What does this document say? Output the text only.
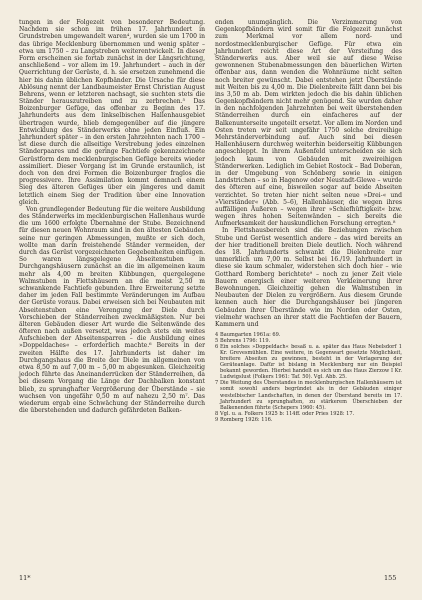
tungen in der Folgezeit von besonderer Bedeutung. Nachdem sie schon im frühen 17. Jahrhundert in Grundstreben umgewandelt waren⁴, wurden sie um 1700 in das übrige Mecklenburg übernommen und wenig später – etwa um 1750 – zu Langstreben weiterentwickelt. In dieser Form erscheinen sie fortab zunächst in der Längsrichtung, anschließend – vor allem im 19. Jahrhundert – auch in der Querrichtung der Gerüste, d. h. sie ersetzen zunehmend die hier bis dahin üblichen Kopfbänder. Die Ursache für diese Ablösung nennt der Landbaumeister Ernst Christian August Behrens, wenn er letzteren nachsagt, sie suchten stets die Ständer herauszutreiben und zu zerbrechen.⁵ Das Boizenburger Gefüge, das offenbar zu Beginn des 17. Jahrhunderts aus dem linkselbischen Hallenhausgebiet übertragen wurde, blieb demgegenüber auf die jüngere Entwicklung des Ständerwerks ohne jeden Einfluß. Ein Jahrhundert später – in den ersten Jahrzehnten nach 1700 – ist diese durch die allseitige Verstrebung jedes einzelnen Ständerpaares und die geringe Fachtiefe gekennzeichnete Gerüstform dem mecklenburgischen Gefüge bereits wieder assimiliert. Dieser Vorgang ist im Grunde erstaunlich, ist doch von den drei Formen die Boizenburger fraglos die progressivere. Ihre Assimilation kommt demnach einem Sieg des älteren Gefüges über ein jüngeres und damit letztlich einem Sieg der Tradition über eine Innovation gleich.

Von grundlegender Bedeutung für die weitere Ausbildung des Ständerwerks im mecklenburgischen Hallenhaus wurde die um 1600 erfolgte Übernahme der Stube. Bezeichnend für diesen neuen Wohnraum sind in den ältesten Gebäuden seine nur geringen Abmessungen, mußte er sich doch, wollte man darin freistehende Ständer vermeiden, der durch das Gerüst vorgezeichneten Gegebenheiten einfügen. So waren längsgelegene Abseitenstuben in Durchgangshäusern zunächst an die im allgemeinen kaum mehr als 4,00 m breiten Kübbungen, quergelegene Walmstuben in Flettshäusern an die meist 2,50 m schwankende Fachtiefe gebunden. Ihre Erweiterung setzte daher im jeden Fall bestimmte Veränderungen im Aufbau der Gerüste voraus. Dabei erweisen sich bei Neubauten mit Abseitenstuben eine Verengung der Diele durch Vorschieben der Ständerreihen zweckmäßigsten. Nur bei älteren Gebäuden dieser Art wurde die Seitenwände des öfteren nach außen versetzt, was jedoch stets ein weites Aufschieben der Abseitensparren – die Ausbildung eines »Doppeldaches« – erforderlich machte.⁶ Bereits in der zweiten Hälfte des 17. Jahrhunderts ist daher im Durchgangshaus die Breite der Diele im allgemeinen von etwa 8,50 m auf 7,00 m – 5,00 m abgesunken. Gleichzeitig jedoch führte das Aneinanderrücken der Ständerreihen, da bei diesem Vorgang die Länge der Dachbalken konstant blieb, zu sprunghafter Vergrößerung der Überstände – sie wuchsen von ungefähr 0,50 m auf nahezu 2,50 m⁷. Das wiederum ergab eine Schwächung der Ständerreihe durch die überstehenden und dadurch gefährdeten Balken-

enden unumgänglich. Die Verzimmerung von Gegenkopfbändern wird somit für die Folgezeit zunächst zum Merkmal vor allem nord- und nordostmecklenburgischer Gefüge. Für etwa ein Jahrhundert reicht diese Art der Versteifung des Ständerwerks aus. Aber weil sie auf diese Weise gewonnenen Stubenabmessungen den bäuerlichen Wirten offenbar aus, dann wenden die Wohnräume nicht selten noch breiter gewünscht. Dabei entstehen jetzt Überstände mit Weiten bis zu 4,00 m. Die Dielenbreite fällt dann bei bis ins 3,50 m ab. Dem wirkten jedoch die bis dahin üblichen Gegenkopfbändern nicht mehr genügend. Sie wurden daher in den nachfolgenden Jahrzehnten bei weit überstehenden Ständerreihen durch ein einfacheres auf der Balkenunterseite ungeteilt ersetzt. Vor allem im Norden und Osten treten wir seit ungefähr 1750 solche dreireihige Mehrständerverbindung auf. Auch sind bei diesen Hallenhäusern durchweg weiterhin beiderseitig Kübbungen angeschleppt. In ihrem Außenfeld unterscheiden sie sich jedoch kaum von Gebäuden mit zweireihigen Ständerwerken. Lediglich im Gebiet Rostock – Bad Doberan, in der Umgebung von Schönberg sowie in einigen Landstrichen – so in Hagenow oder Neustadt-Glewe – wurde des öfteren auf eine, bisweilen sogar auf beide Abseiten verzichtet. So treten hier nicht selten neue »Drei-« und »Vierständer« (Abb. 5–6), Hallenhäuser, die wegen ihres auffälligen Äußeren – wegen ihrer »Schiefhüftigkeit« bzw. wegen ihres hohen Seitenwänden – sich bereits die Aufmerksamkeit der hauskundlichen Forschung erregten.⁸

In Flettshausbereich sind die Beziehungen zwischen Stube und Gerüst wesentlich andere – das wird bereits an der hier traditionell breiten Diele deutlich. Noch während des 18. Jahrhunderts schwankt die Dielenbreite nur unmerklich um 7,00 m. Selbst bei 16./19. Jahrhundert in diese sie kaum schmaler, widerstehen sich doch hier – wie Gotthard Romberg berichtete⁹ – noch zu jener Zeit viele Bauern energisch einer weiteren Verkleinerung ihrer Bewohnungen. Gleichzeitig gehen die Walmstuben in Neubauten der Dielen zu vergrößern. Aus diesem Grunde kennen auch hier die Durchgangshäuser bei jüngeren Gebäuden ihrer Überstände wie im Norden oder Osten, vielmehr wachsen an ihrer statt die Fachtiefen der Bauern, Kammern und

4 Baumgarten 1961a: 69.

5 Behrens 1796: 119.

6 Ein solches »Doppeldach« besaß u. a. später das Haus Nebelsdorf 1 Kr. Grevesmühlen. Eine weitere, in Gegenwart gesetzte Möglichkeit, breitere Abseiten zu gewinnen, besteht in der Verlagerung der Geräteanlage. Dafür ist bislang in Mecklenburg nur ein Beispiel bekannt geworden. Hierbei handelt es sich um das Haus Zierzow I Kr. Ludwigslust (Folkers 1961: Taf. 50). Vgl. Abb. 25.

7 Die Weitung des Überstandes in mecklenburgischen Hallenhäusern ist somit sowohl anders begründet als in der Gebäuden einiger westelbischer Landschaften, in denen der Überstand bereits im 17. Jahrhundert zu sprunghaften, zu stärkerem Überschieben der Balkenenden führte (Schepers 1960: 45).

8 Vgl. u. a. Folkers 1925 b: 114ff. oder Pries 1928: 17.

9 Romberg 1926: 116.

11*	155
